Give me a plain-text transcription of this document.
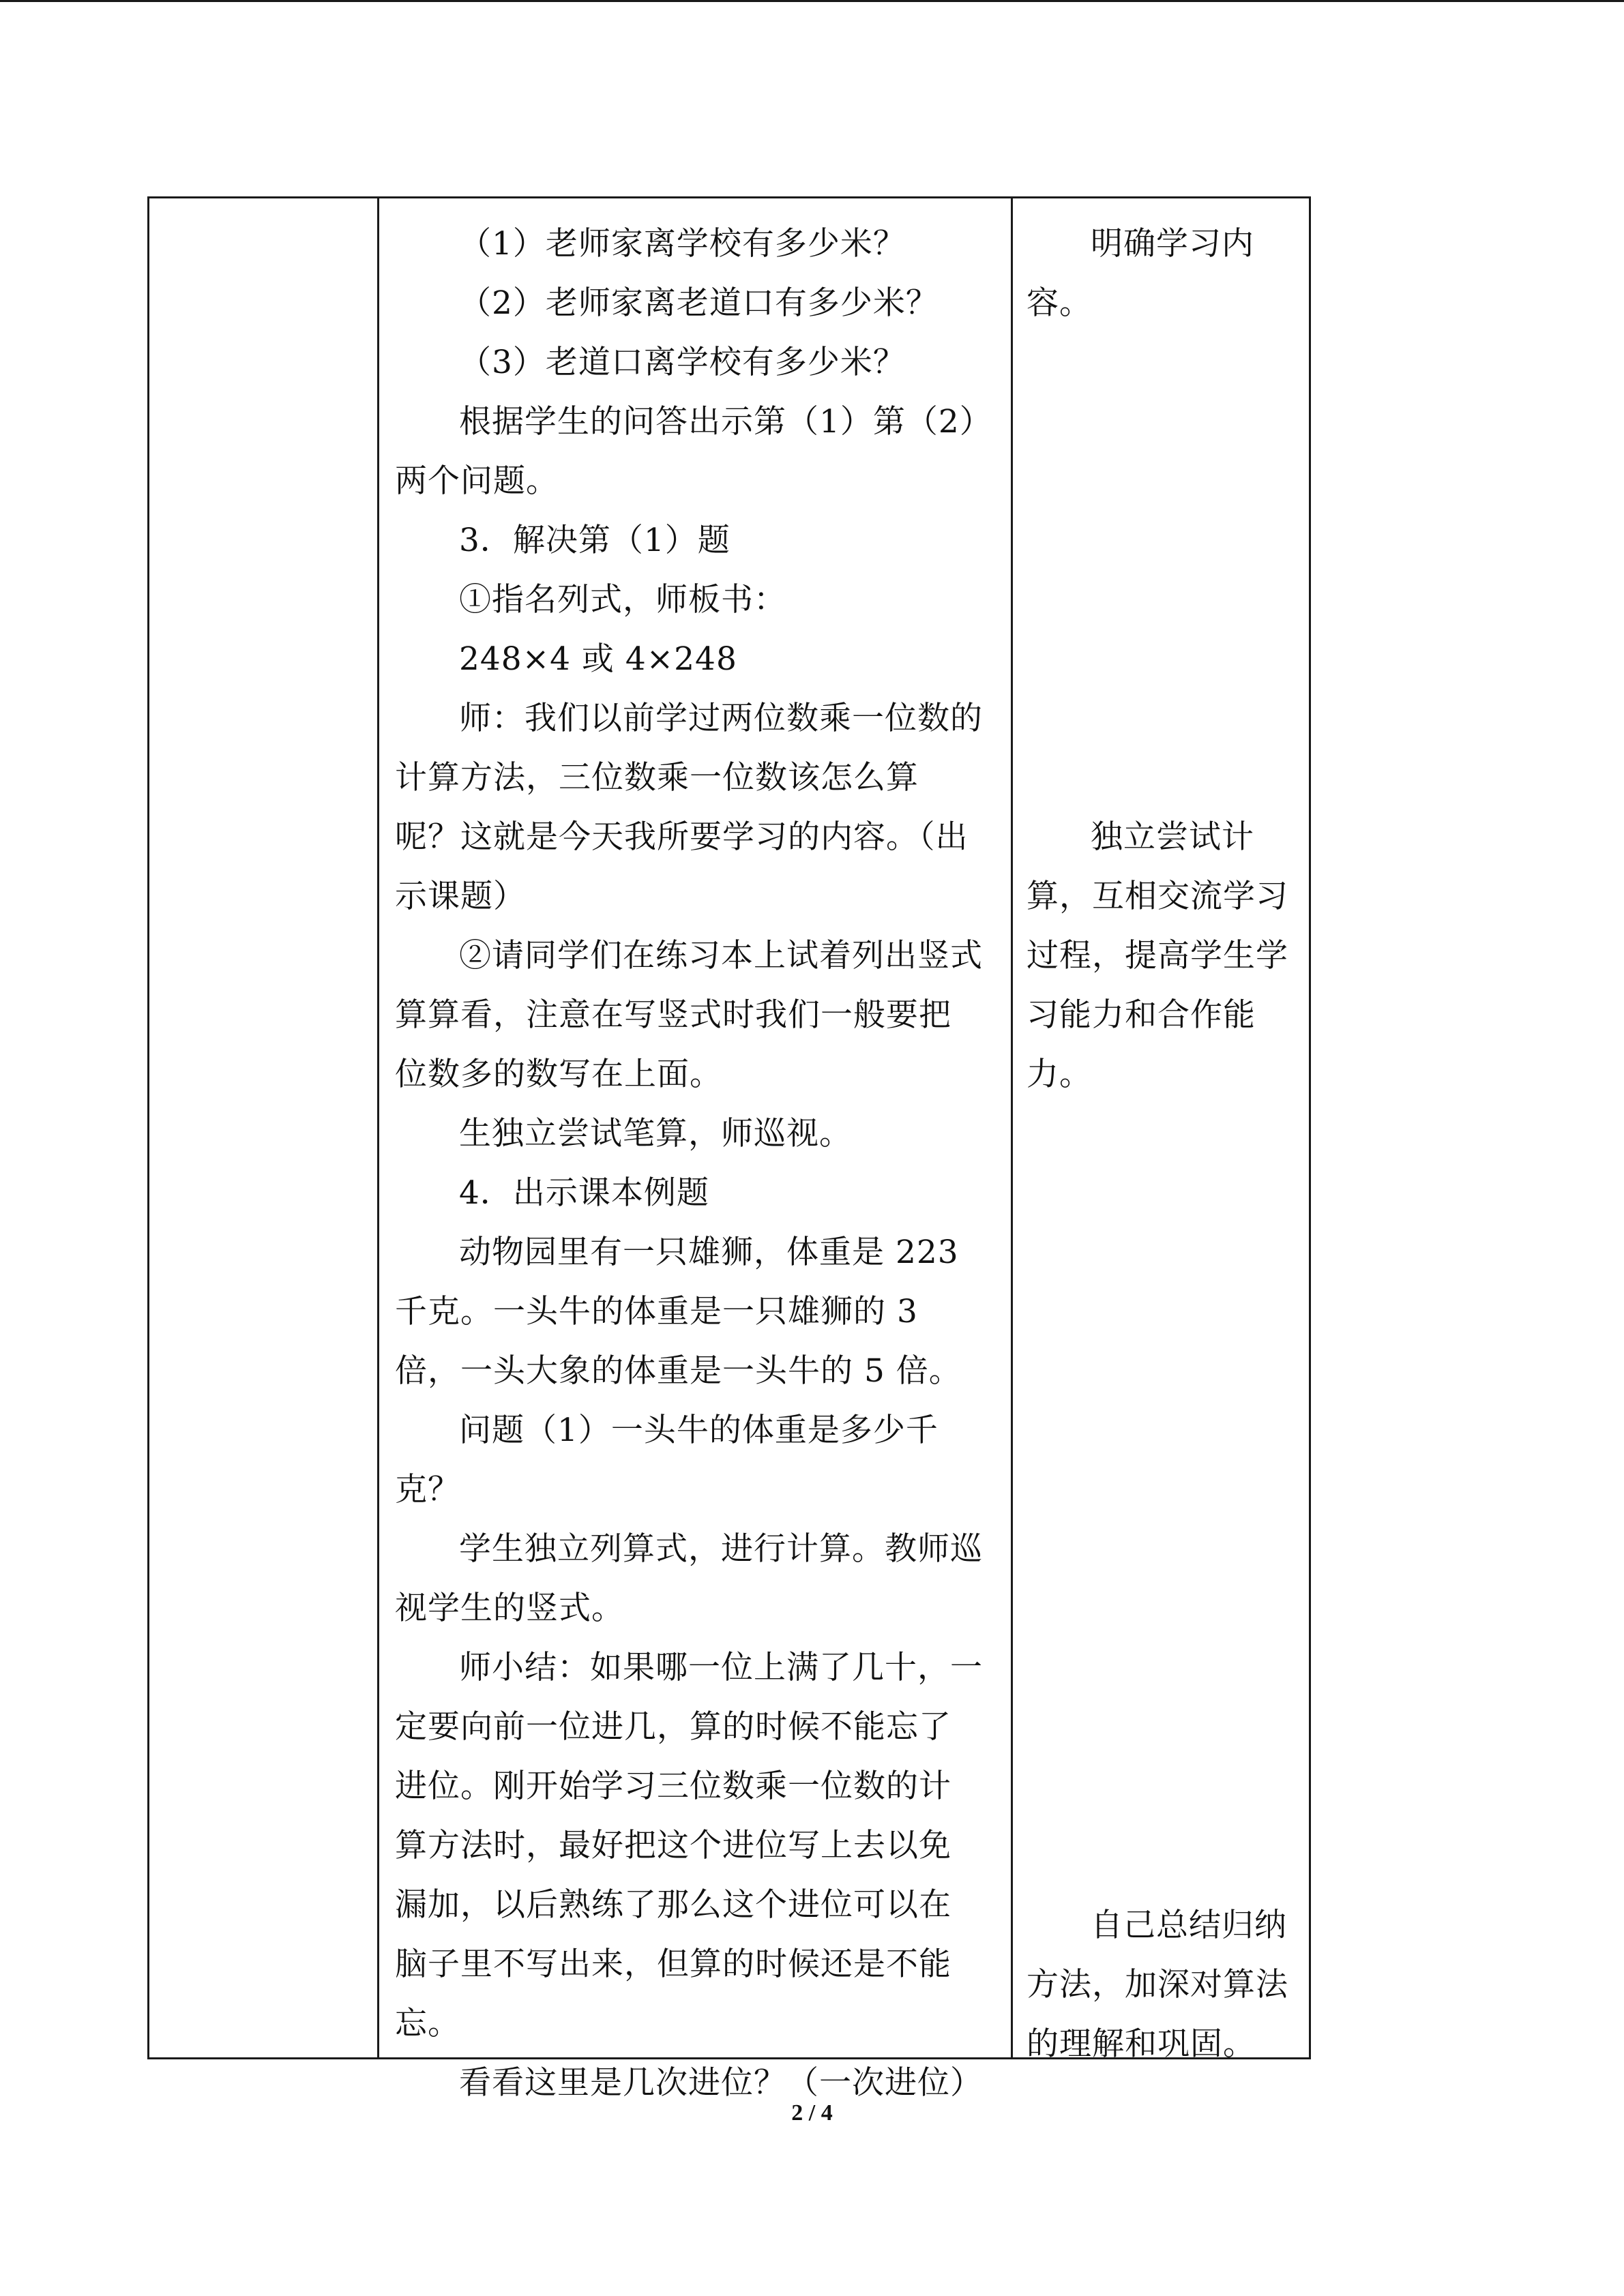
（1）老师家离学校有多少米？

（2）老师家离老道口有多少米？

（3）老道口离学校有多少米？

根据学生的问答出示第（1）第（2）两个问题。

3．解决第（1）题

①指名列式，师板书：

248×4 或 4×248

师：我们以前学过两位数乘一位数的计算方法，三位数乘一位数该怎么算呢？这就是今天我所要学习的内容。（出示课题）

②请同学们在练习本上试着列出竖式算算看，注意在写竖式时我们一般要把位数多的数写在上面。

生独立尝试笔算，师巡视。

4．出示课本例题

动物园里有一只雄狮，体重是 223 千克。一头牛的体重是一只雄狮的 3 倍，一头大象的体重是一头牛的 5 倍。

问题（1）一头牛的体重是多少千克？

学生独立列算式，进行计算。教师巡视学生的竖式。

师小结：如果哪一位上满了几十，一定要向前一位进几，算的时候不能忘了进位。刚开始学习三位数乘一位数的计算方法时，最好把这个进位写上去以免漏加，以后熟练了那么这个进位可以在脑子里不写出来，但算的时候还是不能忘。

看看这里是几次进位？（一次进位）

明确学习内容。

独立尝试计算，互相交流学习过程，提高学生学习能力和合作能力。

自己总结归纳方法，加深对算法的理解和巩固。

2 / 4
